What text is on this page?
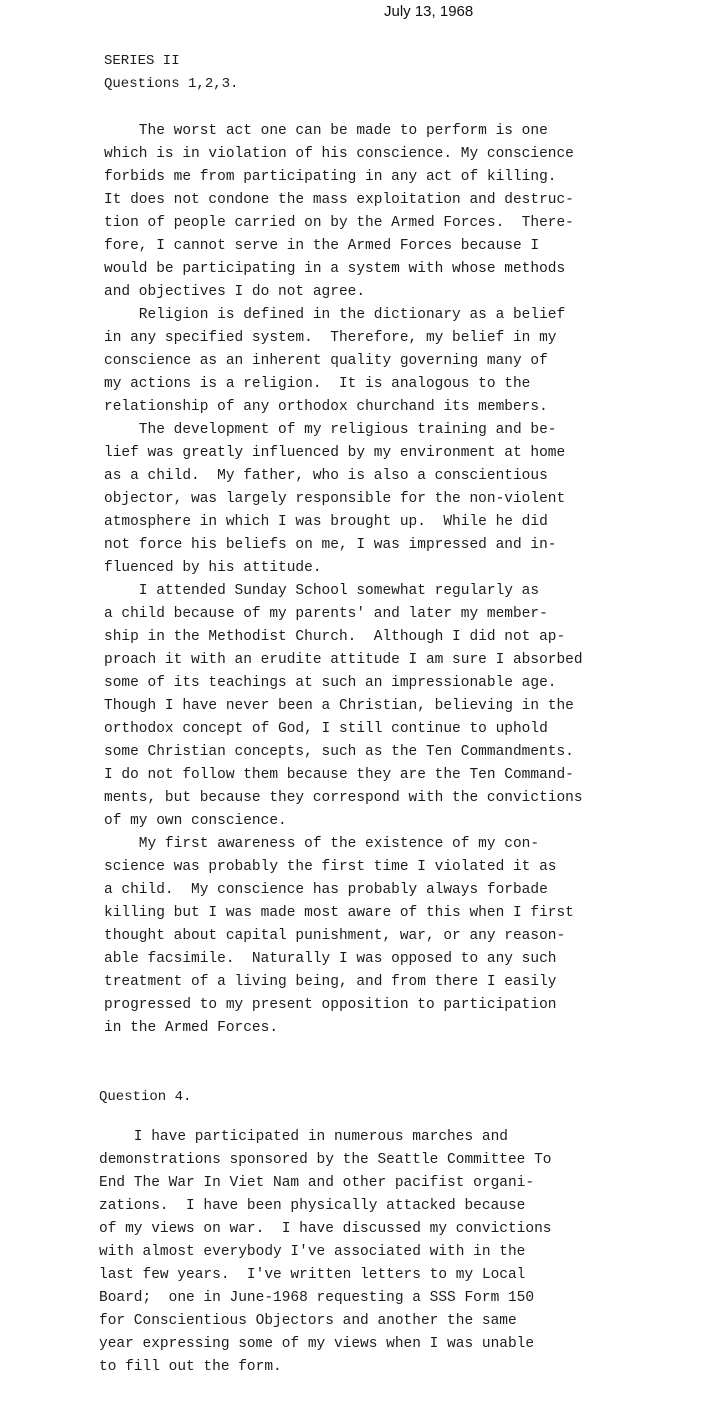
July 13, 1968
SERIES II
Questions 1,2,3.
The worst act one can be made to perform is one
which is in violation of his conscience. My conscience
forbids me from participating in any act of killing.
It does not condone the mass exploitation and destruc-
tion of people carried on by the Armed Forces.  There-
fore, I cannot serve in the Armed Forces because I
would be participating in a system with whose methods
and objectives I do not agree.
Religion is defined in the dictionary as a belief
in any specified system.  Therefore, my belief in my
conscience as an inherent quality governing many of
my actions is a religion.  It is analogous to the
relationship of any orthodox churchand its members.
The development of my religious training and be-
lief was greatly influenced by my environment at home
as a child.  My father, who is also a conscientious
objector, was largely responsible for the non-violent
atmosphere in which I was brought up.  While he did
not force his beliefs on me, I was impressed and in-
fluenced by his attitude.
I attended Sunday School somewhat regularly as
a child because of my parents' and later my member-
ship in the Methodist Church.  Although I did not ap-
proach it with an erudite attitude I am sure I absorbed
some of its teachings at such an impressionable age.
Though I have never been a Christian, believing in the
orthodox concept of God, I still continue to uphold
some Christian concepts, such as the Ten Commandments.
I do not follow them because they are the Ten Command-
ments, but because they correspond with the convictions
of my own conscience.
My first awareness of the existence of my con-
science was probably the first time I violated it as
a child.  My conscience has probably always forbade
killing but I was made most aware of this when I first
thought about capital punishment, war, or any reason-
able facsimile.  Naturally I was opposed to any such
treatment of a living being, and from there I easily
progressed to my present opposition to participation
in the Armed Forces.
Question 4.
I have participated in numerous marches and
demonstrations sponsored by the Seattle Committee To
End The War In Viet Nam and other pacifist organi-
zations.  I have been physically attacked because
of my views on war.  I have discussed my convictions
with almost everybody I've associated with in the
last few years.  I've written letters to my Local
Board;  one in June-1968 requesting a SSS Form 150
for Conscientious Objectors and another the same
year expressing some of my views when I was unable
to fill out the form.
